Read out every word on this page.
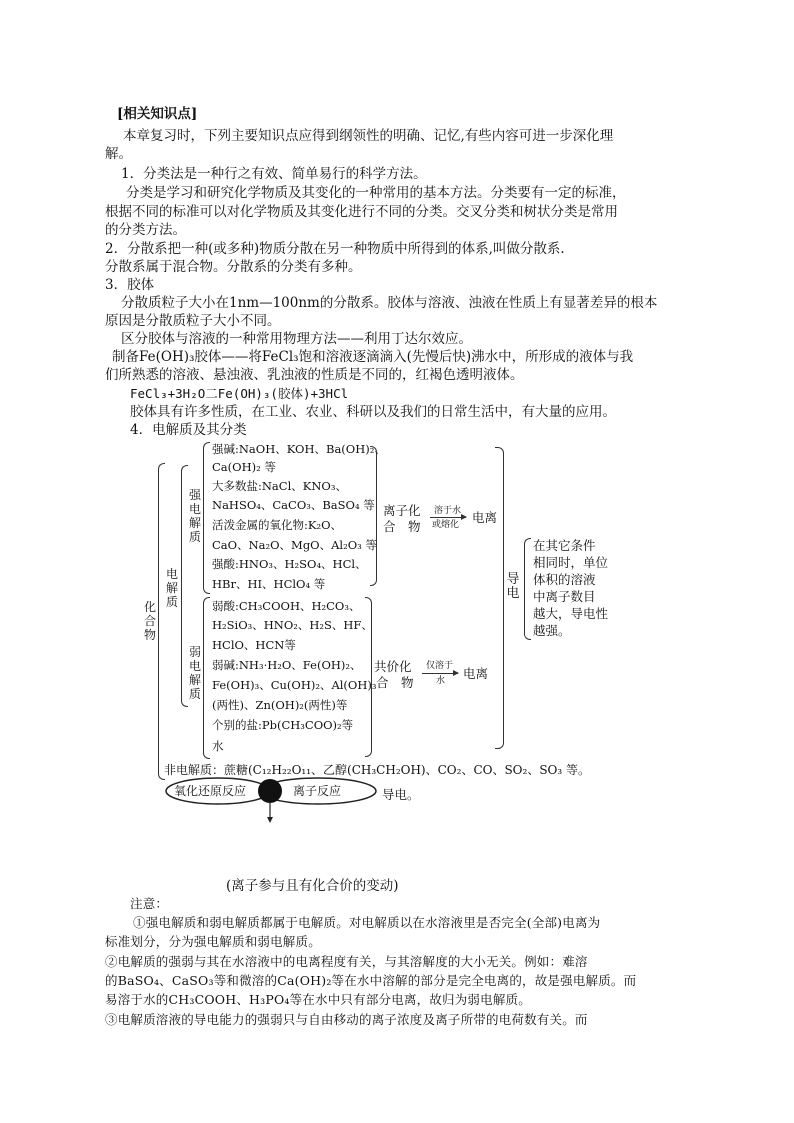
[相关知识点]
本章复习时，下列主要知识点应得到纲领性的明确、记忆,有些内容可进一步深化理
解。
1．分类法是一种行之有效、简单易行的科学方法。
分类是学习和研究化学物质及其变化的一种常用的基本方法。分类要有一定的标准，
根据不同的标准可以对化学物质及其变化进行不同的分类。交叉分类和树状分类是常用
的分类方法。
2．分散系把一种(或多种)物质分散在另一种物质中所得到的体系,叫做分散系.
分散系属于混合物。分散系的分类有多种。
3．胶体
分散质粒子大小在1nm—100nm的分散系。胶体与溶液、浊液在性质上有显著差异的根本
原因是分散质粒子大小不同。
区分胶体与溶液的一种常用物理方法——利用丁达尔效应。
制备Fe(OH)₃胶体——将FeCl₃饱和溶液逐滴滴入(先慢后快)沸水中，所形成的液体与我
们所熟悉的溶液、悬浊液、乳浊液的性质是不同的，红褐色透明液体。
FeCl₃+3H₂O二Fe(OH)₃(胶体)+3HCl
胶体具有许多性质，在工业、农业、科研以及我们的日常生活中，有大量的应用。
4．电解质及其分类
化合物
电解质
强电解质
强碱:NaOH、KOH、Ba(OH)₂、
Ca(OH)₂ 等
大多数盐:NaCl、KNO₃、
NaHSO₄、CaCO₃、BaSO₄ 等
活泼金属的氧化物:K₂O、
CaO、Na₂O、MgO、Al₂O₃ 等
强酸:HNO₃、H₂SO₄、HCl、
HBr、HI、HClO₄ 等
离子化
合　物
溶于水
或熔化 电离
弱电解质
弱酸:CH₃COOH、H₂CO₃、
H₂SiO₃、HNO₂、H₂S、HF、
HClO、HCN等
弱碱:NH₃·H₂O、Fe(OH)₂、
Fe(OH)₃、Cu(OH)₂、Al(OH)₃
(两性)、Zn(OH)₂(两性)等
个别的盐:Pb(CH₃COO)₂等
水
共价化
合　物
仅溶于
水 电离
导电
在其它条件
相同时，单位
体积的溶液
中离子数目
越大，导电性
越强。
非电解质：蔗糖(C₁₂H₂₂O₁₁、乙醇(CH₃CH₂OH)、CO₂、CO、SO₂、SO₃ 等。
氧化还原反应	离子反应	导电。
(离子参与且有化合价的变动)
注意：
①强电解质和弱电解质都属于电解质。对电解质以在水溶液里是否完全(全部)电离为
标准划分，分为强电解质和弱电解质。
②电解质的强弱与其在水溶液中的电离程度有关，与其溶解度的大小无关。例如：难溶
的BaSO₄、CaSO₃等和微溶的Ca(OH)₂等在水中溶解的部分是完全电离的，故是强电解质。而
易溶于水的CH₃COOH、H₃PO₄等在水中只有部分电离，故归为弱电解质。
③电解质溶液的导电能力的强弱只与自由移动的离子浓度及离子所带的电荷数有关。而
